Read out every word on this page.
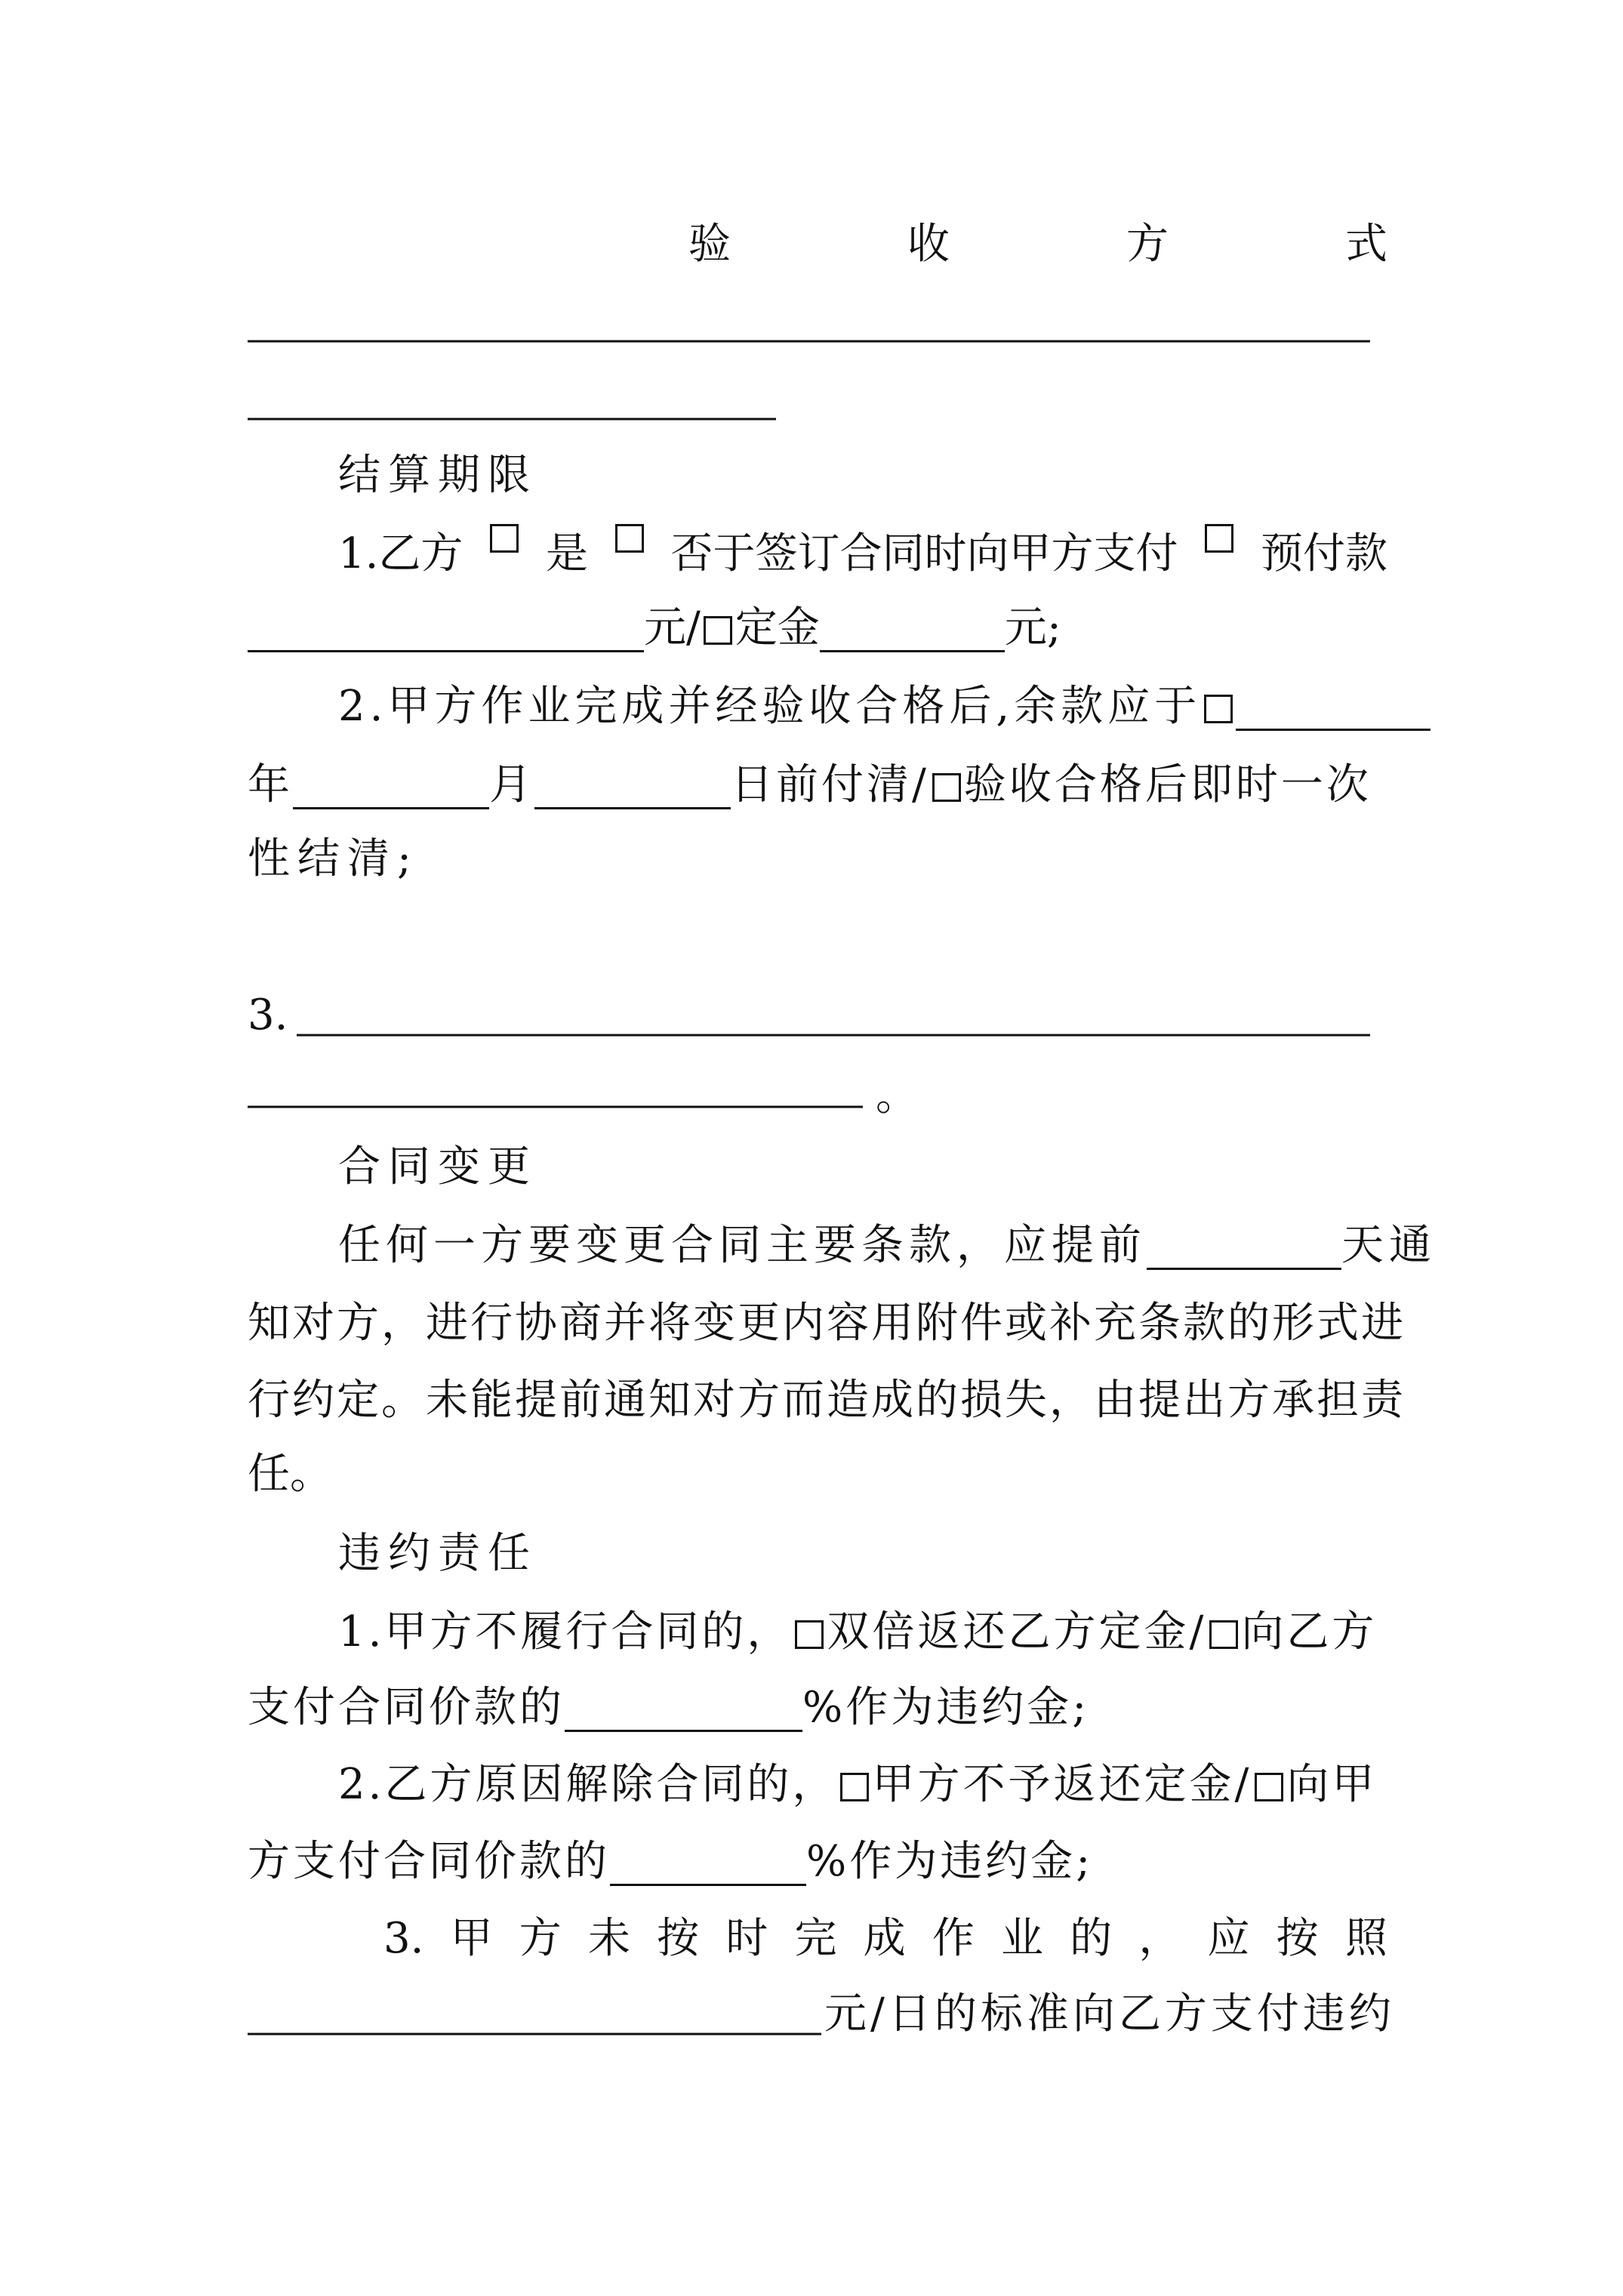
验	收	方	式
结算期限
1.乙方 是 否于签订合同时向甲方支付 预付款
元/ 定金	元;
2.甲方作业完成并经验收合格后,余款应于
年	月	日前付清/ 验收合格后即时一次
性结清;
3.
。
合同变更
任何一方要变更合同主要条款，应提前	天通
知对方，进行协商并将变更内容用附件或补充条款的形式进
行约定。未能提前通知对方而造成的损失，由提出方承担责
任。
违约责任
1.甲方不履行合同的， 双倍返还乙方定金/ 向乙方
支付合同价款的	%作为违约金;
2.乙方原因解除合同的， 甲方不予返还定金/ 向甲
方支付合同价款的	%作为违约金;
3. 甲 方 未 按 时 完 成 作 业 的 ， 应 按 照
元/日的标准向乙方支付违约
